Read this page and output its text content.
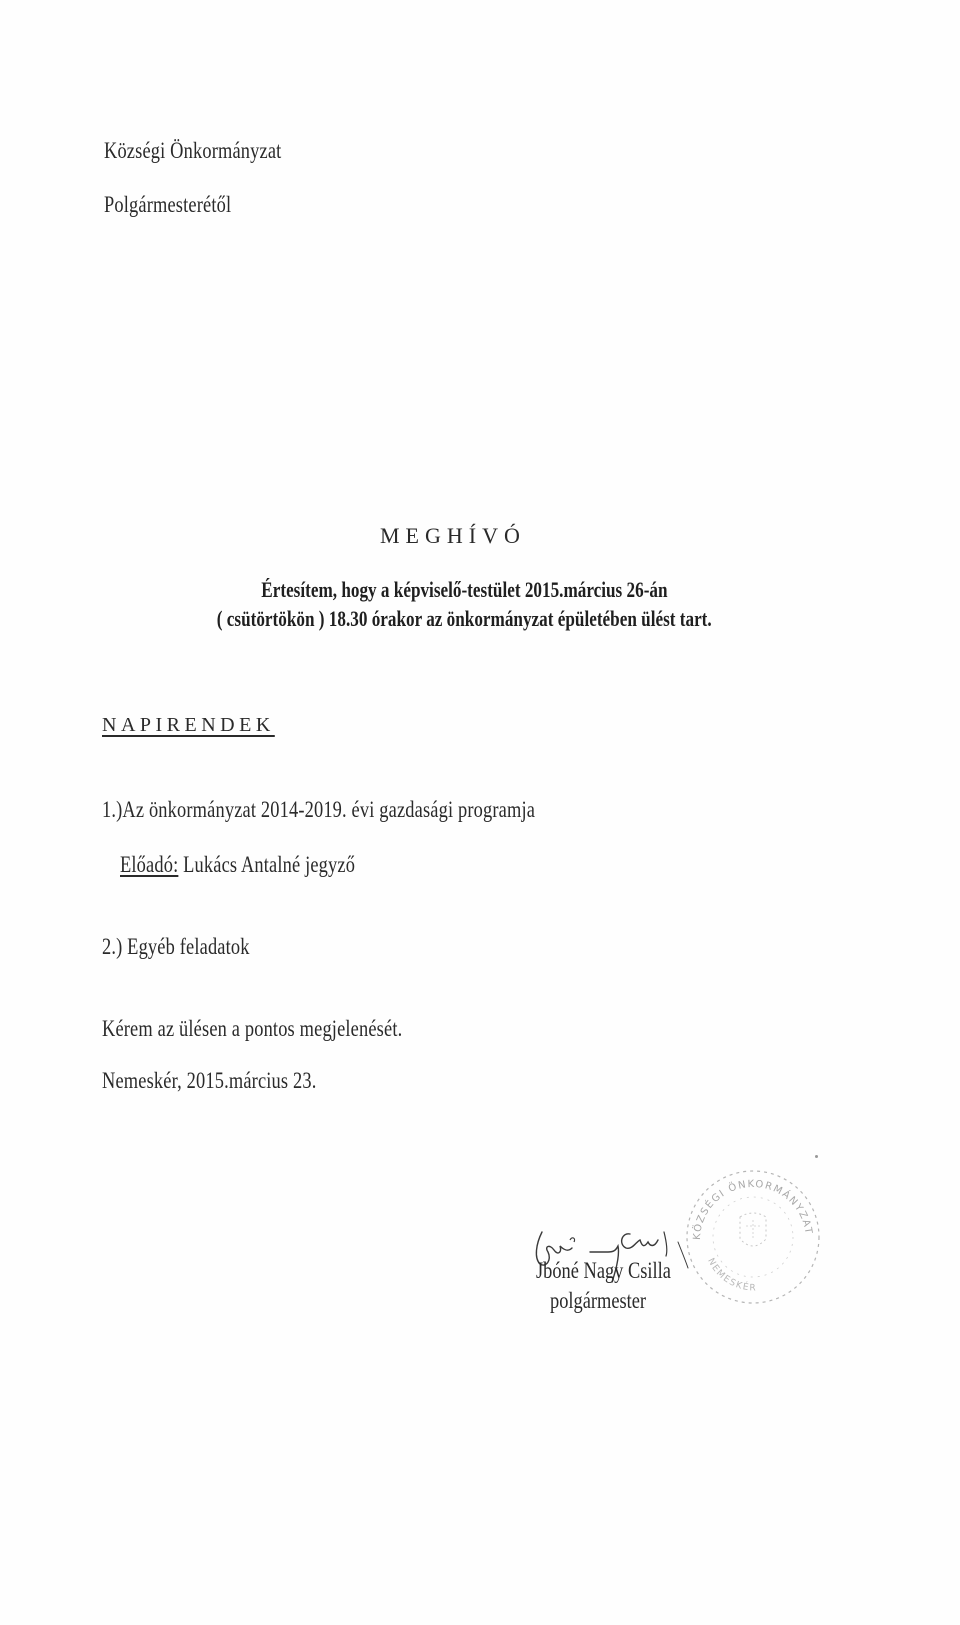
Községi Önkormányzat
Polgármesterétől
MEGHÍVÓ
Értesítem, hogy a képviselő-testület 2015.március 26-án
( csütörtökön ) 18.30 órakor az önkormányzat épületében ülést tart.
NAPIRENDEK
1.)Az önkormányzat 2014-2019. évi gazdasági programja
Előadó: Lukács Antalné jegyző
2.) Egyéb feladatok
Kérem az ülésen a pontos megjelenését.
Nemeskér, 2015.március 23.
KÖZSÉGI ÖNKORMÁNYZAT
NEMESKÉR
Jbóné Nagy Csilla
polgármester
